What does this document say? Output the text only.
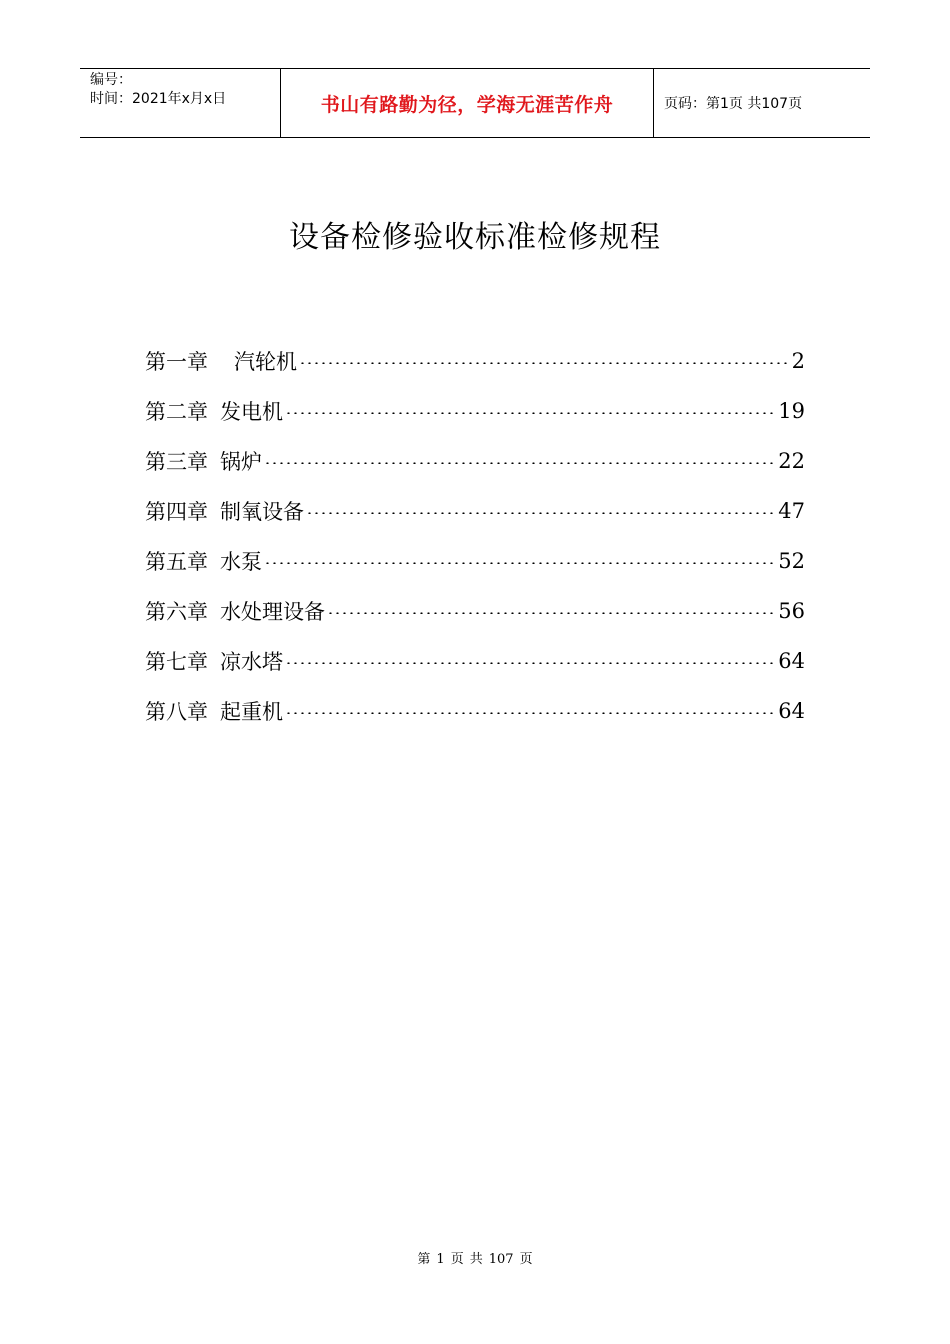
编号：
时间：2021年x月x日	书山有路勤为径，学海无涯苦作舟	页码：第1页 共107页
设备检修验收标准检修规程
第一章 汽轮机	2
第二章 发电机	19
第三章 锅炉	22
第四章 制氧设备	47
第五章 水泵	52
第六章 水处理设备	56
第七章 凉水塔	64
第八章 起重机	64
第 1 页 共 107 页
